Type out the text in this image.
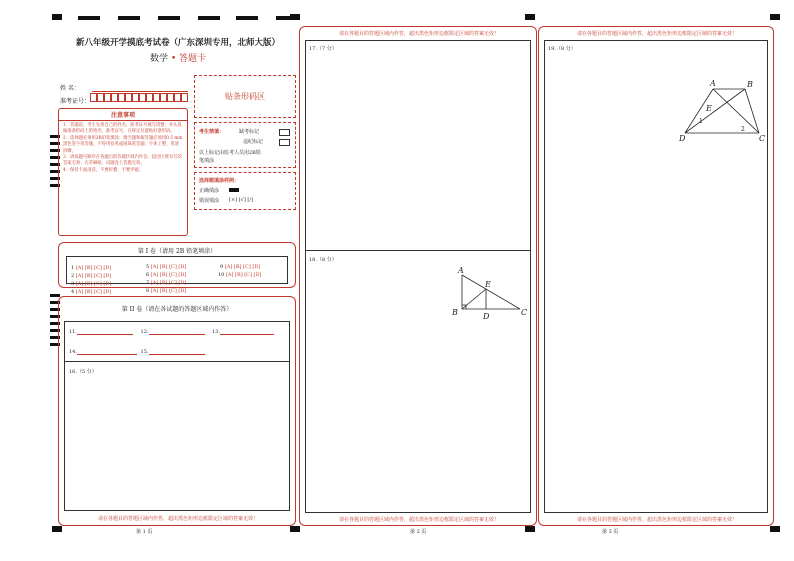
新八年级开学摸底考试卷（广东深圳专用，北师大版）
数学 • 答题卡
姓 名：
准考证号：
贴条形码区
注意事项
1．答题前，考生先将自己的姓名，准考证号填写清楚，并认真核准条形码上的姓名、准考证号，在规定位置贴好条形码。
2．选择题必须用2B铅笔填涂；填空题和解答题必须用0.5 mm黑色签字笔答题，不得用铅笔或圆珠笔答题；字体工整、笔迹清晰。
3．请按题号顺序在各题目的答题区域内作答，超出区域书写的答案无效；在草稿纸、试题卷上答题无效。
4．保持卡面清洁，不要折叠、不要弄破。
考生禁填：	缺考标记
违纪标记
以上标记由监考人员用2B铅
笔填涂
选择题填涂样例：
正确填涂
错误填涂 [×] [√] [/]
第 I 卷（请用 2B 铅笔填涂）
1 [A] [B] [C] [D]
2 [A] [B] [C] [D]
3 [A] [B] [C] [D]
4 [A] [B] [C] [D]
5 [A] [B] [C] [D]
6 [A] [B] [C] [D]
7 [A] [B] [C] [D]
8 [A] [B] [C] [D]
9 [A] [B] [C] [D]
10 [A] [B] [C] [D]
第 II 卷（请在各试题的答题区域内作答）
11.	12.	13.
14.	15.
16.（5 分）
请在各题目的答题区域内作答，超出黑色矩形边框限定区域的答案无效！
第 1 页
请在各题目的答题区域内作答，超出黑色矩形边框限定区域的答案无效！
17.（7 分）
18.（8 分）
A
E
B	D	C
请在各题目的答题区域内作答，超出黑色矩形边框限定区域的答案无效！
第 2 页
请在各题目的答题区域内作答，超出黑色矩形边框限定区域的答案无效！
19.（8 分）
A	B
E
D	C
1
2
请在各题目的答题区域内作答，超出黑色矩形边框限定区域的答案无效！
第 3 页
